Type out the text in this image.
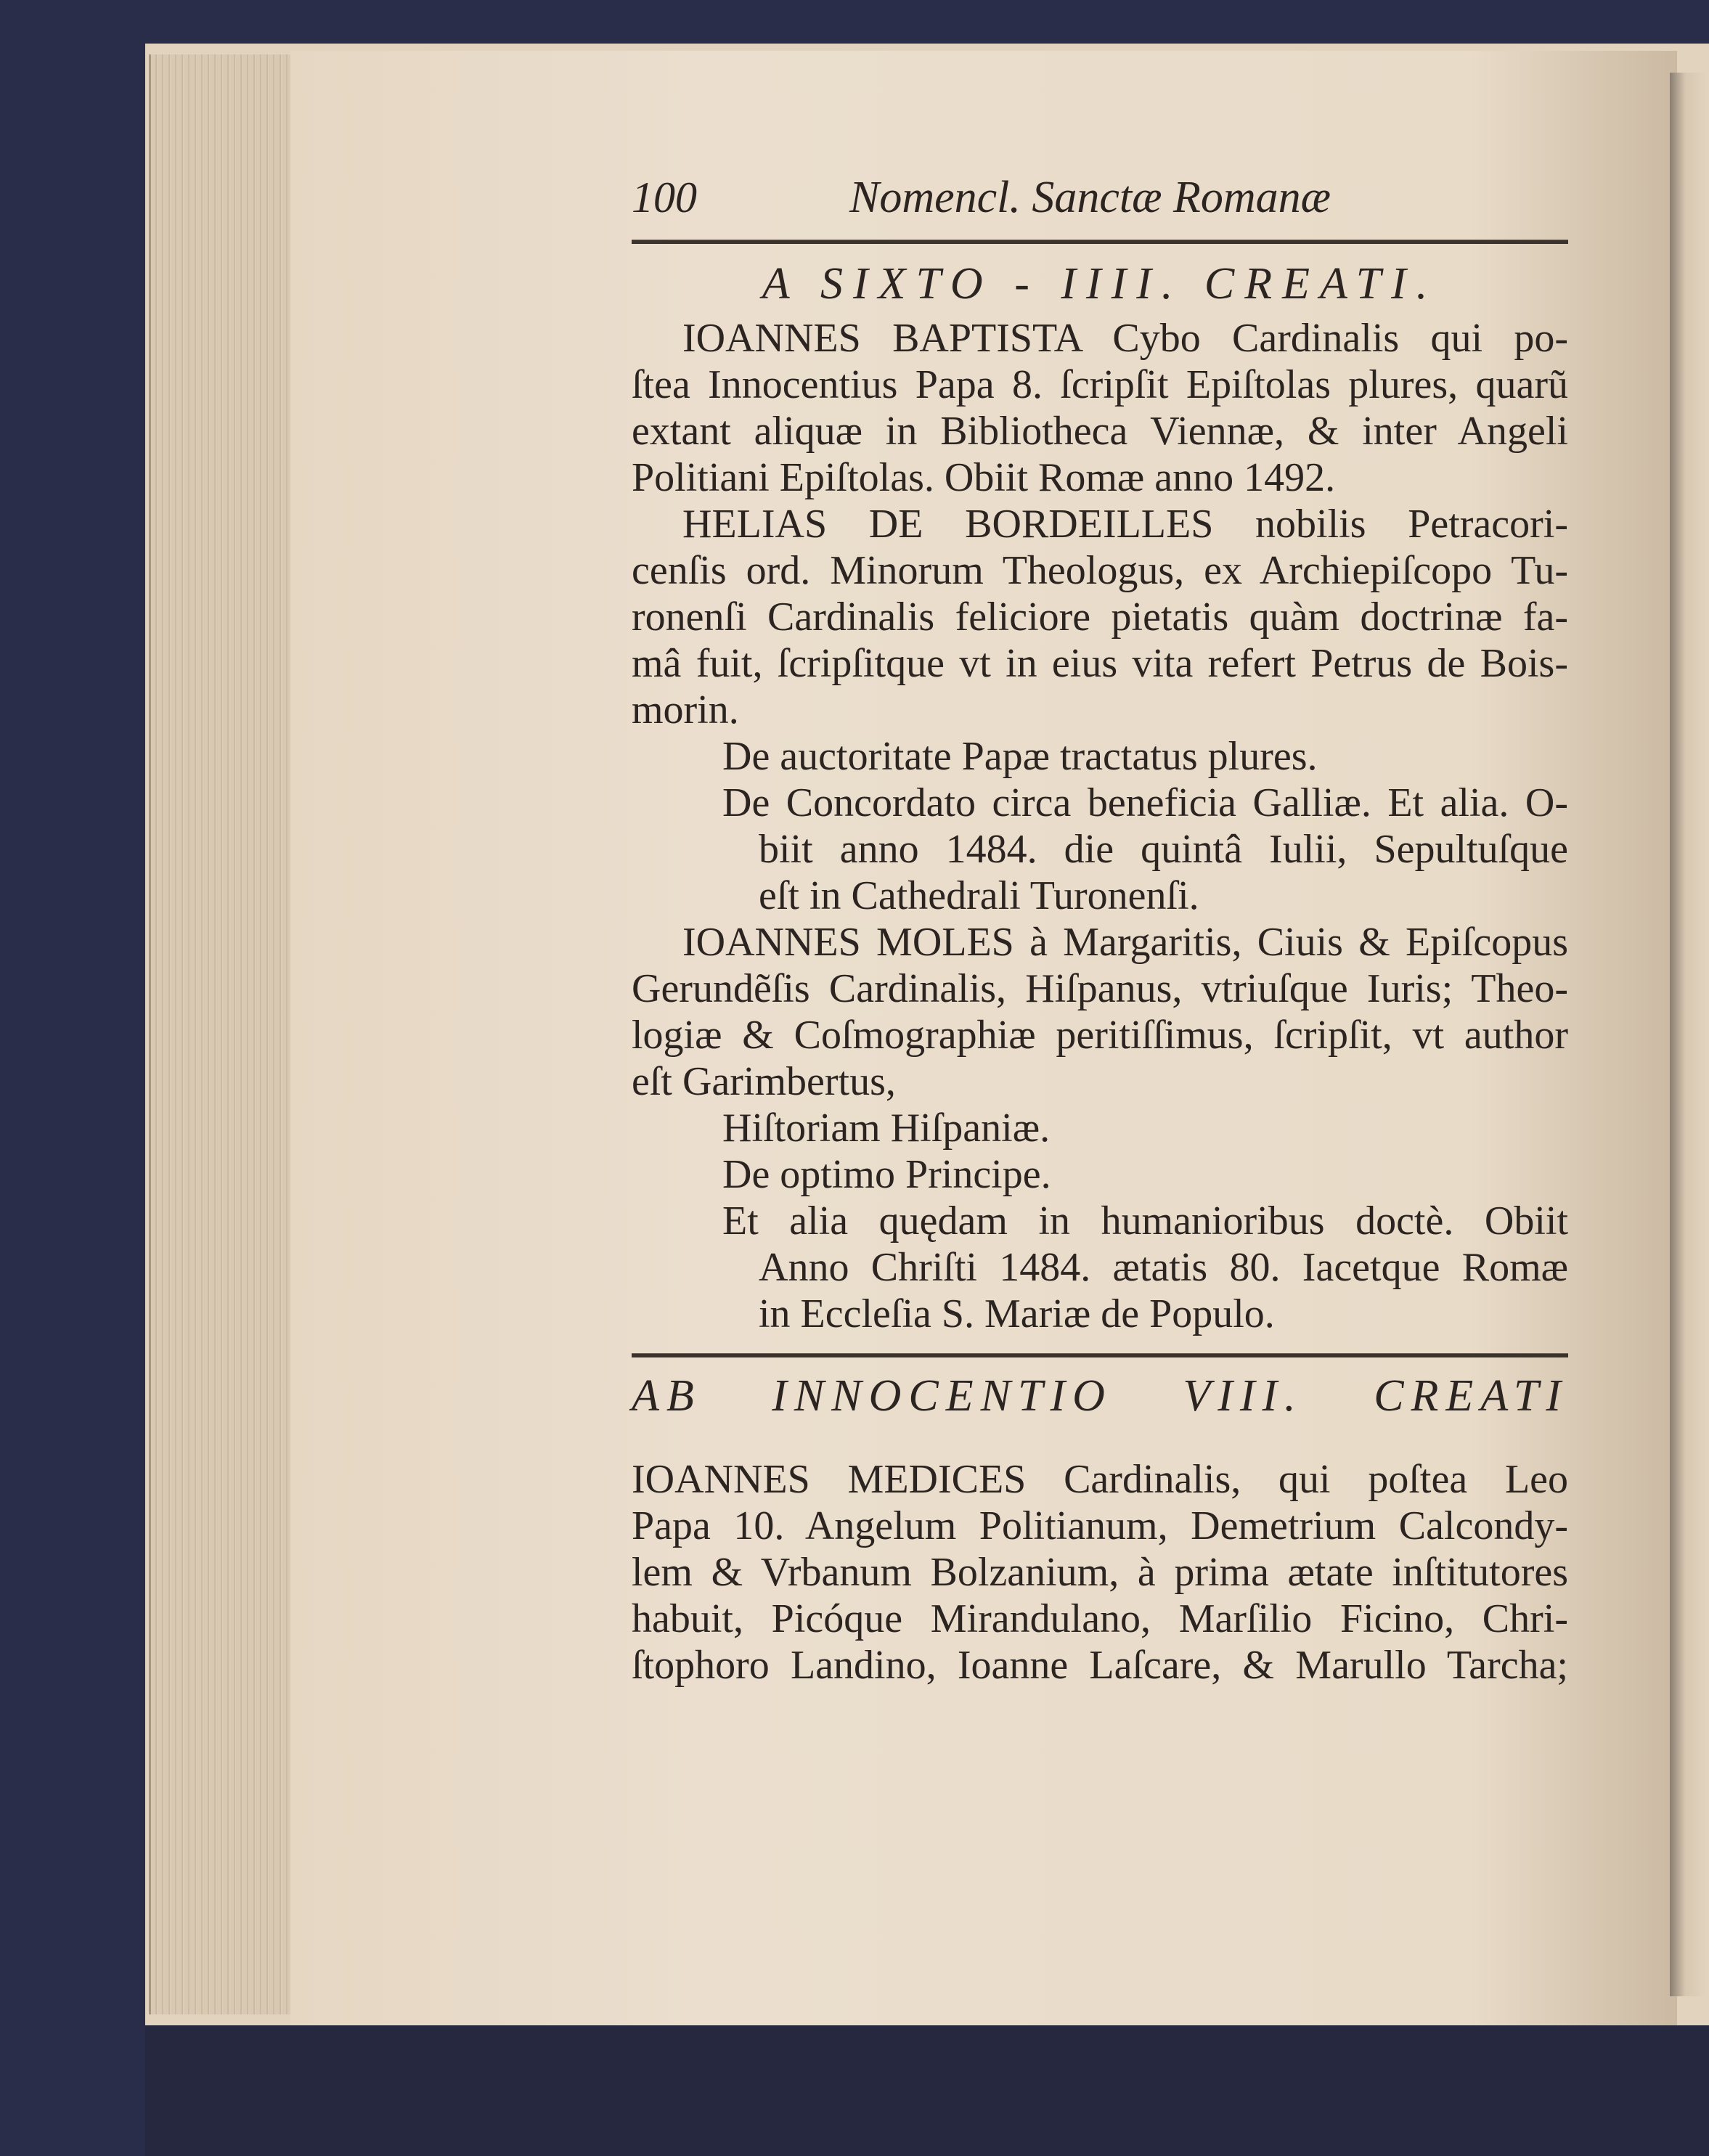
100	Nomencl. Sanctæ Romanæ
A SIXTO - IIII. CREATI.
IOANNES BAPTISTA Cybo Cardinalis qui po-
ſtea Innocentius Papa 8. ſcripſit Epiſtolas plures, quarũ
extant aliquæ in Bibliotheca Viennæ, & inter Angeli
Politiani Epiſtolas. Obiit Romæ anno 1492.
HELIAS DE BORDEILLES nobilis Petracori-
cenſis ord. Minorum Theologus, ex Archiepiſcopo Tu-
ronenſi Cardinalis feliciore pietatis quàm doctrinæ fa-
mâ fuit, ſcripſitque vt in eius vita refert Petrus de Bois-
morin.
De auctoritate Papæ tractatus plures.
De Concordato circa beneficia Galliæ. Et alia. O-
biit anno 1484. die quintâ Iulii, Sepultuſque
eſt in Cathedrali Turonenſi.
IOANNES MOLES à Margaritis, Ciuis & Epiſcopus
Gerundẽſis Cardinalis, Hiſpanus, vtriuſque Iuris; Theo-
logiæ & Coſmographiæ peritiſſimus, ſcripſit, vt author
eſt Garimbertus,
Hiſtoriam Hiſpaniæ.
De optimo Principe.
Et alia quędam in humanioribus doctè. Obiit
Anno Chriſti 1484. ætatis 80. Iacetque Romæ
in Eccleſia S. Mariæ de Populo.
AB INNOCENTIO VIII. CREATI
IOANNES MEDICES Cardinalis, qui poſtea Leo
Papa 10. Angelum Politianum, Demetrium Calcondy-
lem & Vrbanum Bolzanium, à prima ætate inſtitutores
habuit, Picóque Mirandulano, Marſilio Ficino, Chri-
ſtophoro Landino, Ioanne Laſcare, & Marullo Tarcha;
